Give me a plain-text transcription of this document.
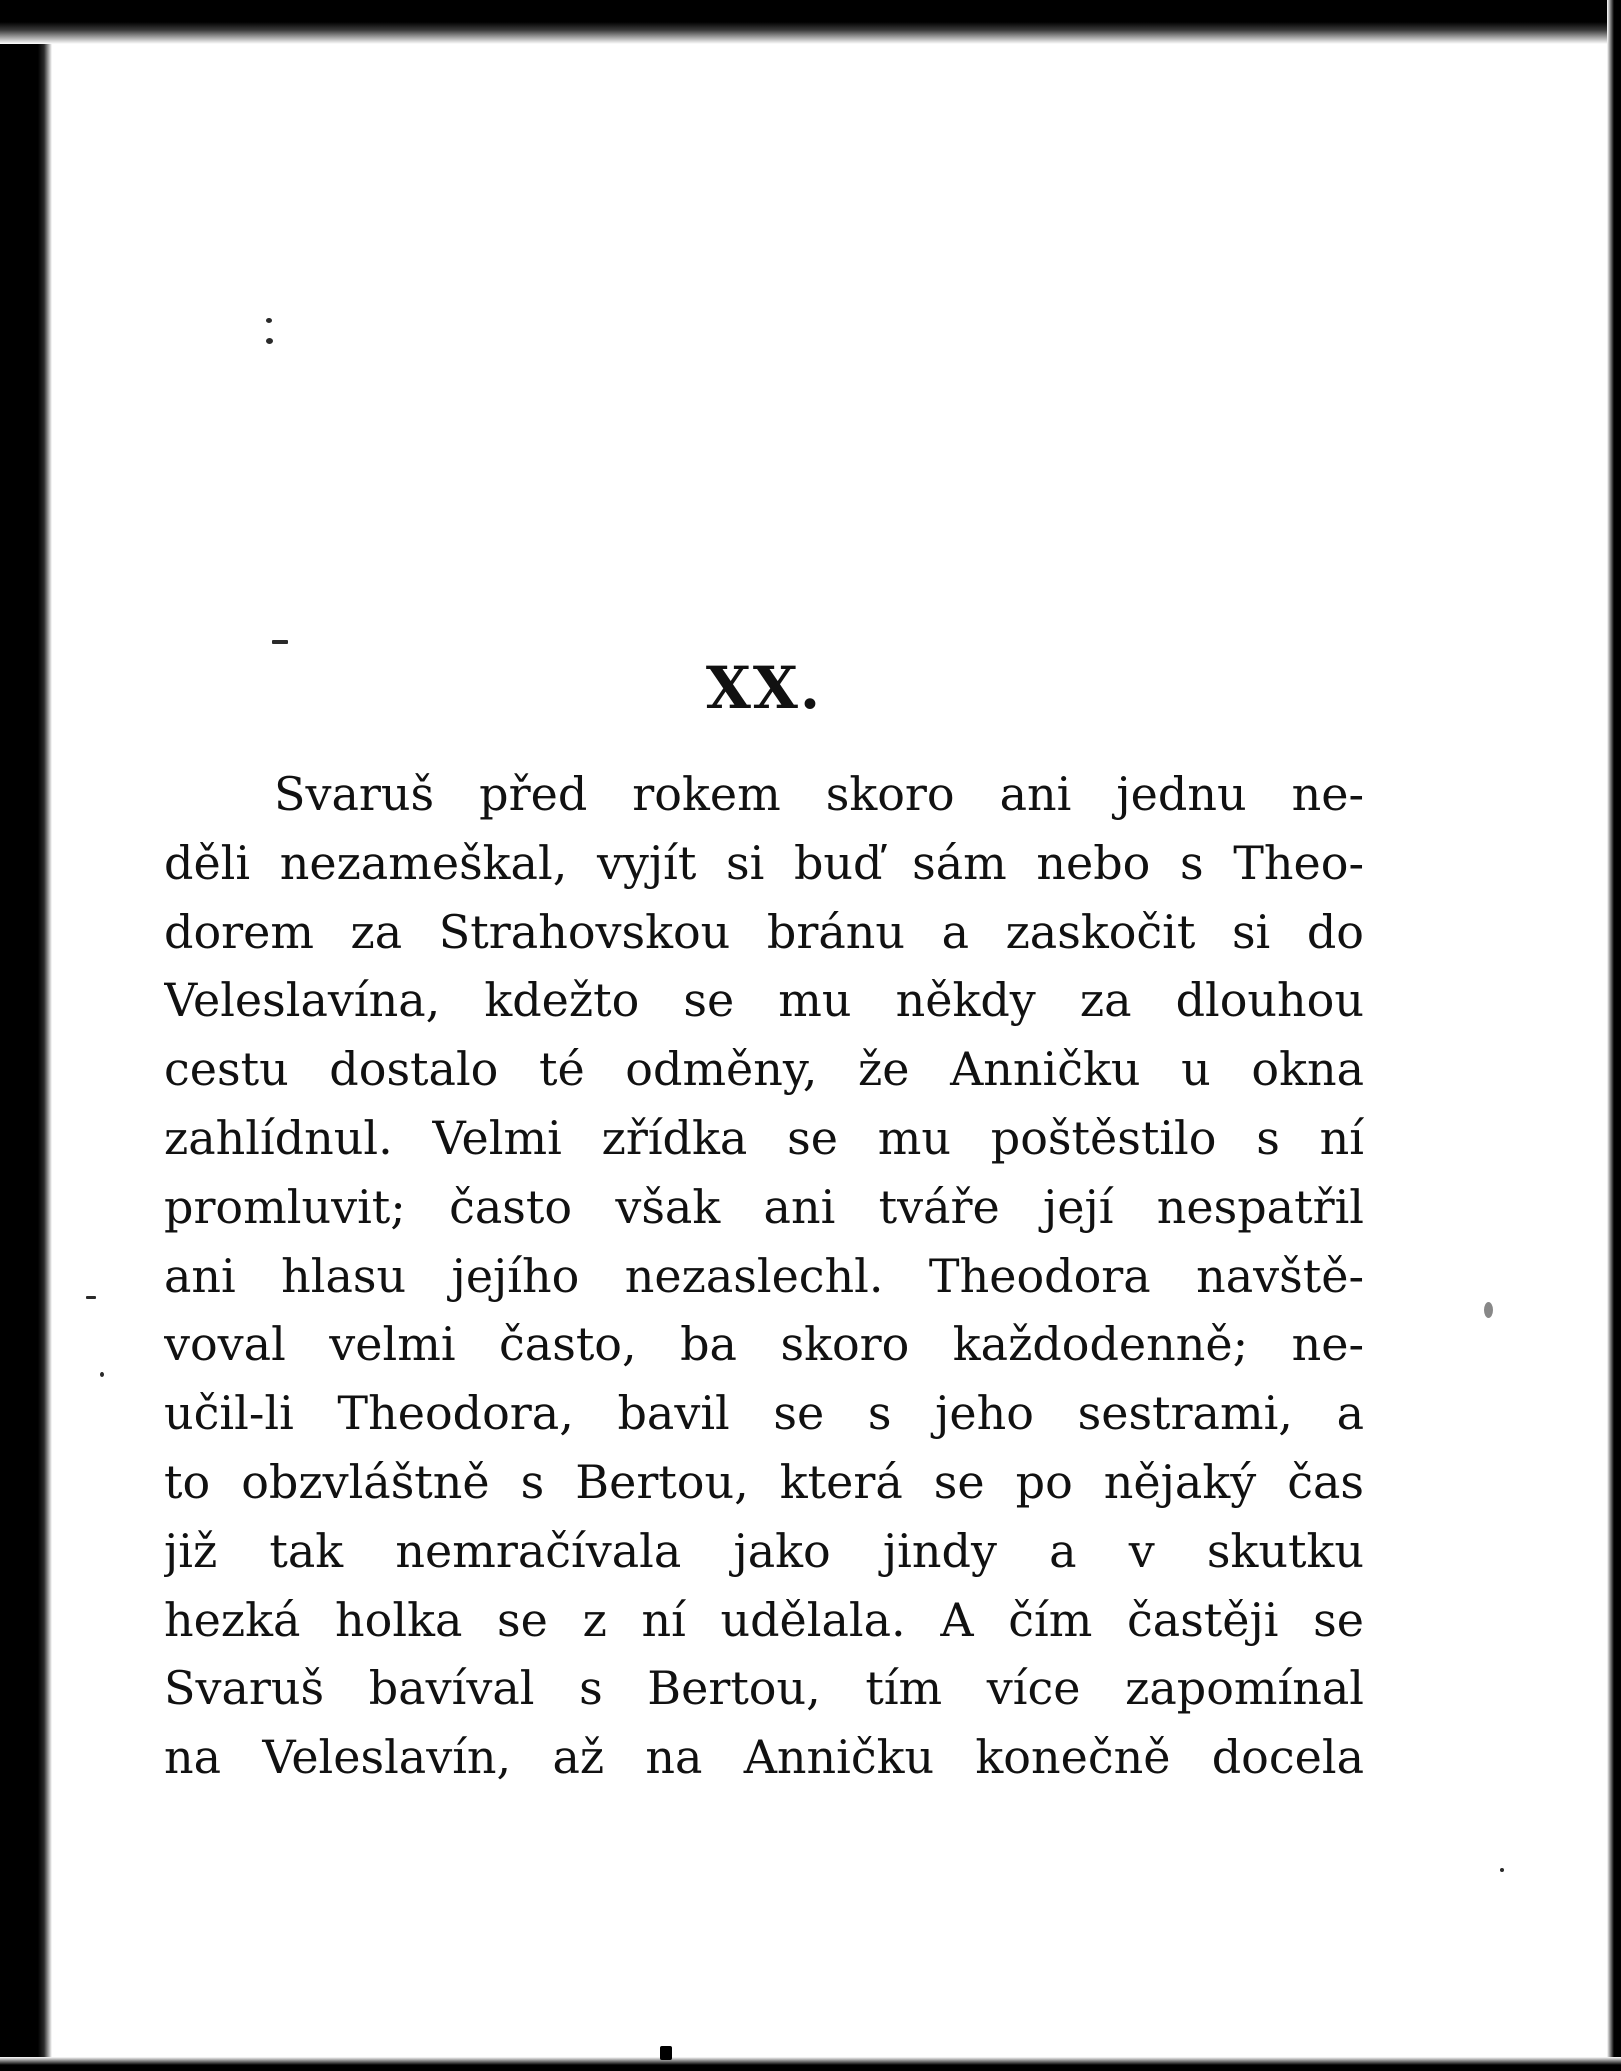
XX.
Svaruš před rokem skoro ani jednu ne-
děli nezameškal, vyjít si buď sám nebo s Theo-
dorem za Strahovskou bránu a zaskočit si do
Veleslavína, kdežto se mu někdy za dlouhou
cestu dostalo té odměny, že Anničku u okna
zahlídnul. Velmi zřídka se mu poštěstilo s ní
promluvit; často však ani tváře její nespatřil
ani hlasu jejího nezaslechl. Theodora navště-
voval velmi často, ba skoro každodenně; ne-
učil-li Theodora, bavil se s jeho sestrami, a
to obzvláštně s Bertou, která se po nějaký čas
již tak nemračívala jako jindy a v skutku
hezká holka se z ní udělala. A čím častěji se
Svaruš bavíval s Bertou, tím více zapomínal
na Veleslavín, až na Anničku konečně docela
